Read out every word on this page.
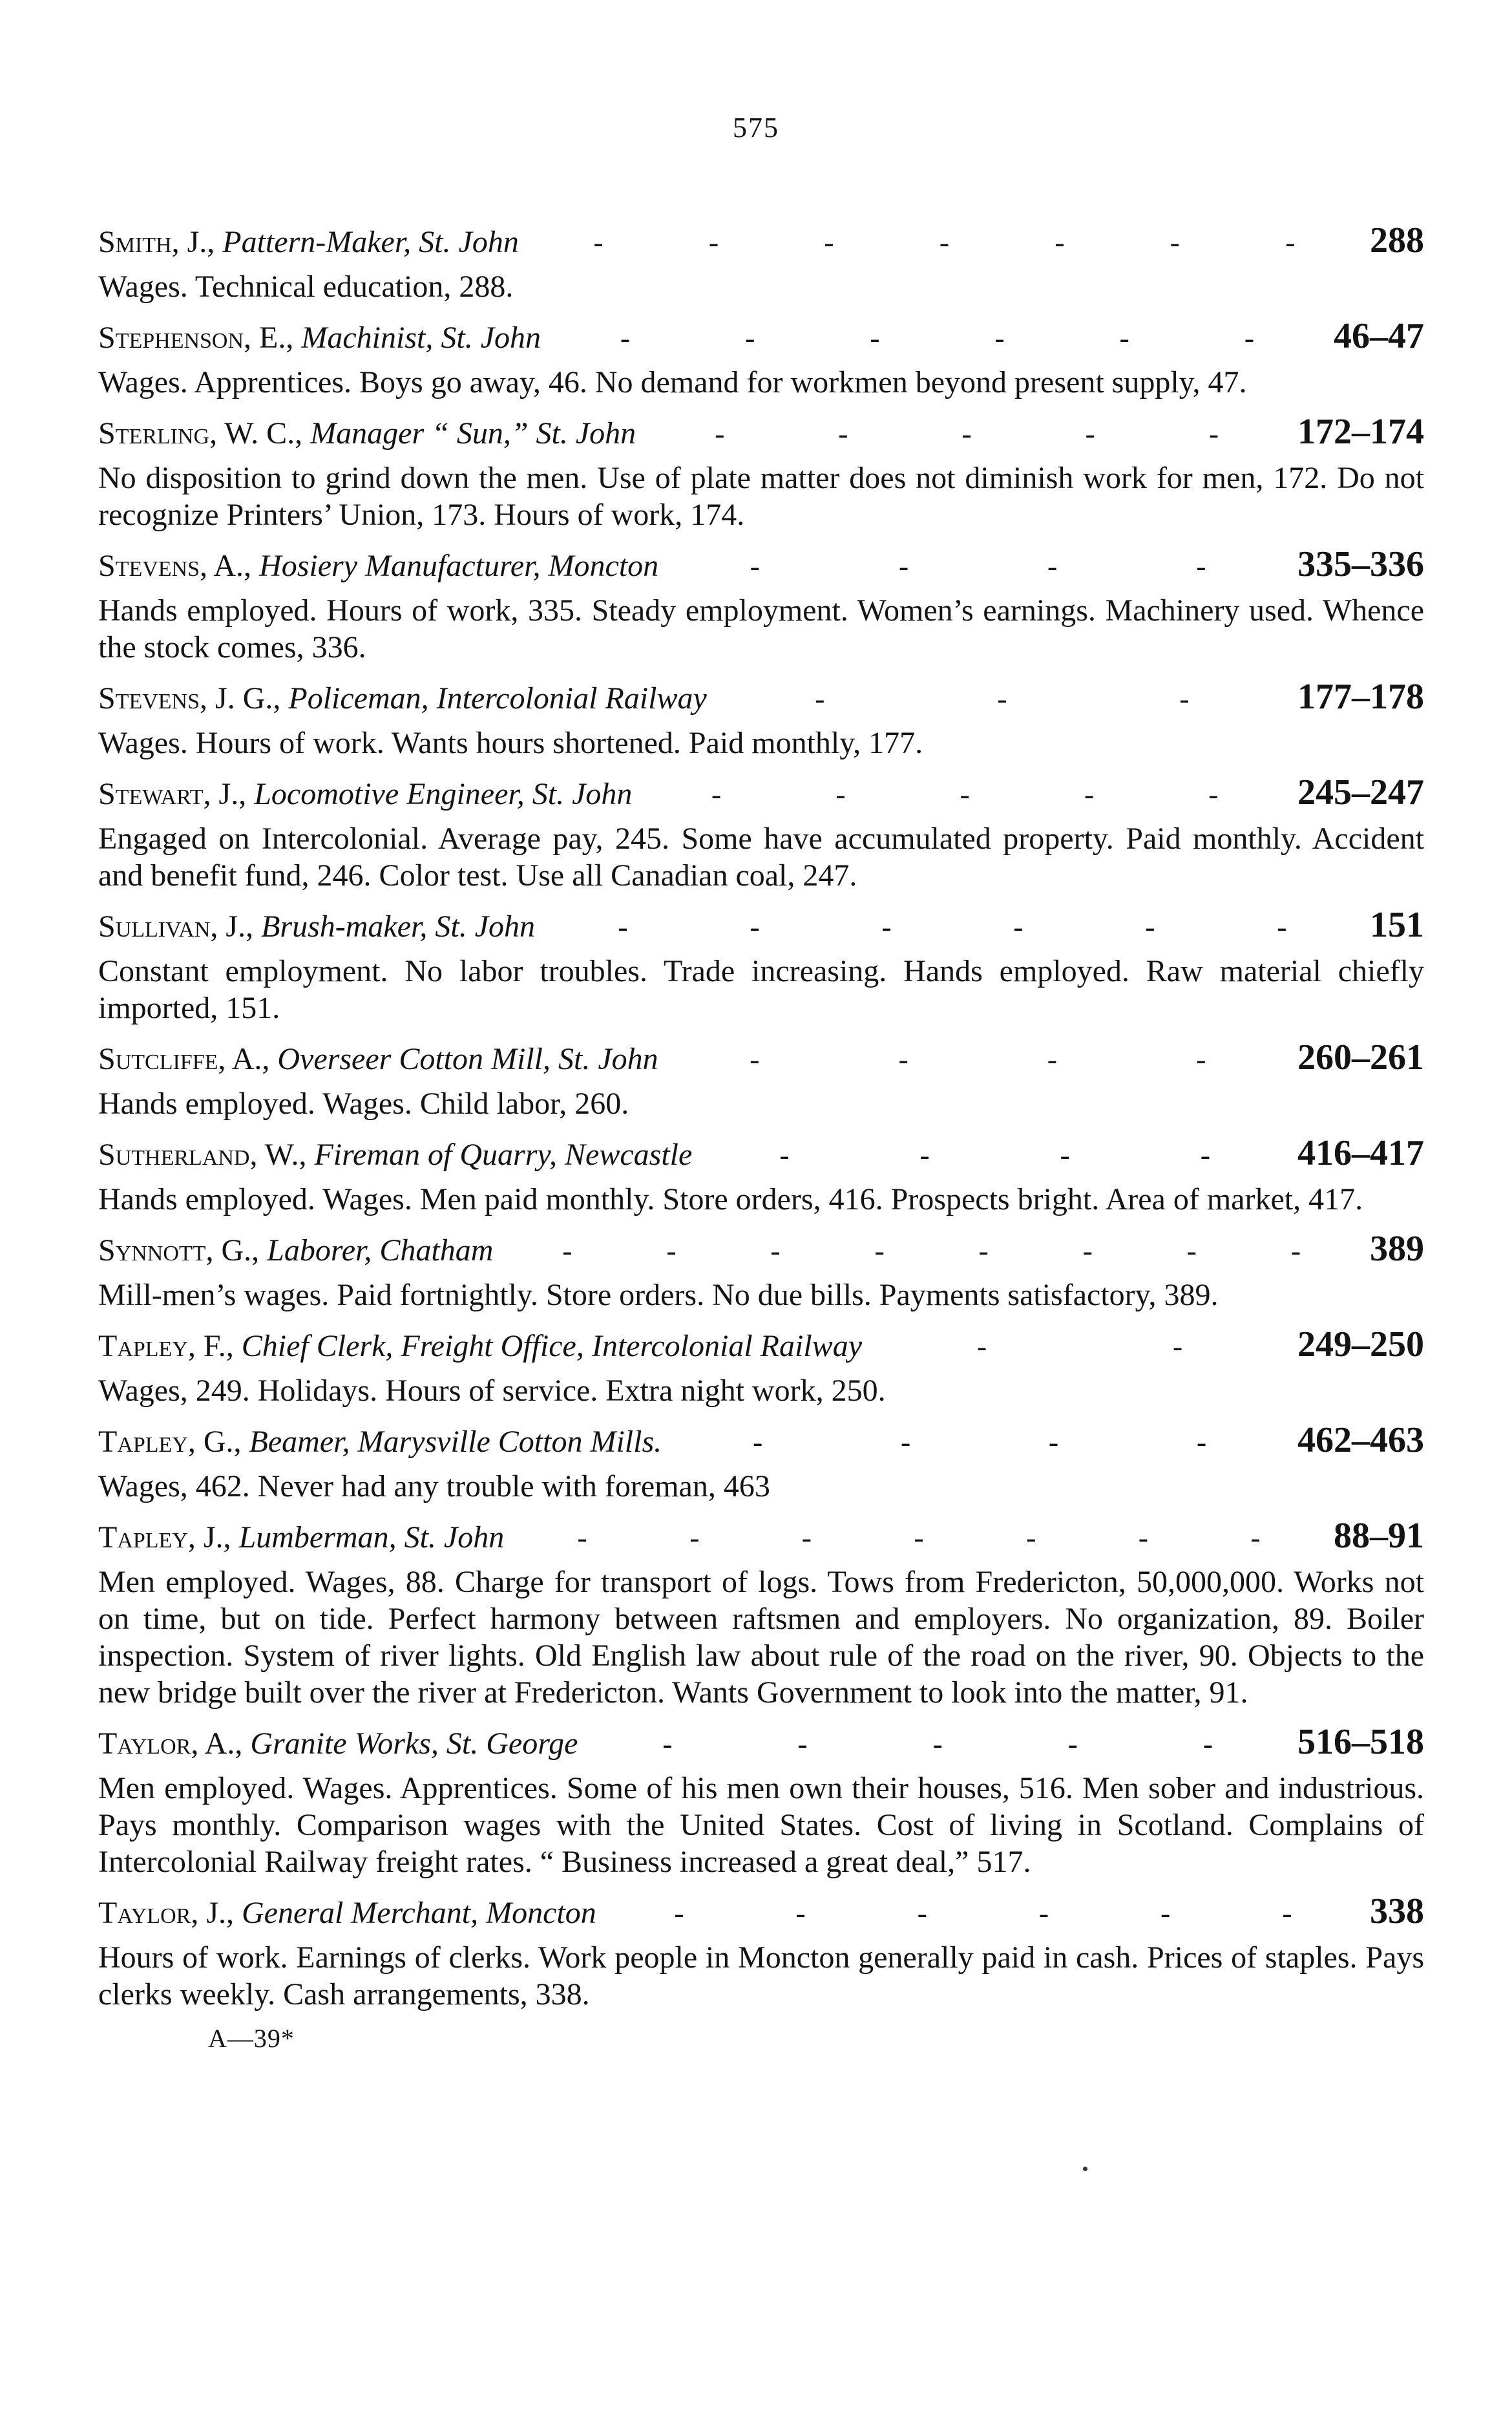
575
Smith, J., Pattern-Maker, St. John	-	-	-	-	-	-	- 288
Wages. Technical education, 288.
Stephenson, E., Machinist, St. John	-	-	-	-	-	- 46–47
Wages. Apprentices. Boys go away, 46. No demand for workmen beyond present supply, 47.
Sterling, W. C., Manager “ Sun,” St. John	-	-	-	-	- 172–174
No disposition to grind down the men. Use of plate matter does not diminish work for men, 172. Do not recognize Printers’ Union, 173. Hours of work, 174.
Stevens, A., Hosiery Manufacturer, Moncton	-	-	-	-	335–336
Hands employed. Hours of work, 335. Steady employment. Women’s earnings. Machinery used. Whence the stock comes, 336.
Stevens, J. G., Policeman, Intercolonial Railway	-	-	-	177–178
Wages. Hours of work. Wants hours shortened. Paid monthly, 177.
Stewart, J., Locomotive Engineer, St. John	-	-	-	-	- 245–247
Engaged on Intercolonial. Average pay, 245. Some have accumulated property. Paid monthly. Accident and benefit fund, 246. Color test. Use all Canadian coal, 247.
Sullivan, J., Brush-maker, St. John	-	-	-	-	-	- 151
Constant employment. No labor troubles. Trade increasing. Hands employed. Raw material chiefly imported, 151.
Sutcliffe, A., Overseer Cotton Mill, St. John	-	-	-	-	260–261
Hands employed. Wages. Child labor, 260.
Sutherland, W., Fireman of Quarry, Newcastle	-	-	-	- 416–417
Hands employed. Wages. Men paid monthly. Store orders, 416. Prospects bright. Area of market, 417.
Synnott, G., Laborer, Chatham -	-	-	-	-	-	-	- 389
Mill-men’s wages. Paid fortnightly. Store orders. No due bills. Payments satisfactory, 389.
Tapley, F., Chief Clerk, Freight Office, Intercolonial Railway	-	-	249–250
Wages, 249. Holidays. Hours of service. Extra night work, 250.
Tapley, G., Beamer, Marysville Cotton Mills.	-	-	-	-	462–463
Wages, 462. Never had any trouble with foreman, 463
Tapley, J., Lumberman, St. John -	-	-	-	-	-	- 88–91
Men employed. Wages, 88. Charge for transport of logs. Tows from Fredericton, 50,000,000. Works not on time, but on tide. Perfect harmony between raftsmen and employers. No organization, 89. Boiler inspection. System of river lights. Old English law about rule of the road on the river, 90. Objects to the new bridge built over the river at Fredericton. Wants Government to look into the matter, 91.
Taylor, A., Granite Works, St. George	-	-	-	-	- 516–518
Men employed. Wages. Apprentices. Some of his men own their houses, 516. Men sober and industrious. Pays monthly. Comparison wages with the United States. Cost of living in Scotland. Complains of Intercolonial Railway freight rates. “ Business increased a great deal,” 517.
Taylor, J., General Merchant, Moncton	-	-	-	-	-	- 338
Hours of work. Earnings of clerks. Work people in Moncton generally paid in cash. Prices of staples. Pays clerks weekly. Cash arrangements, 338.
A—39*
